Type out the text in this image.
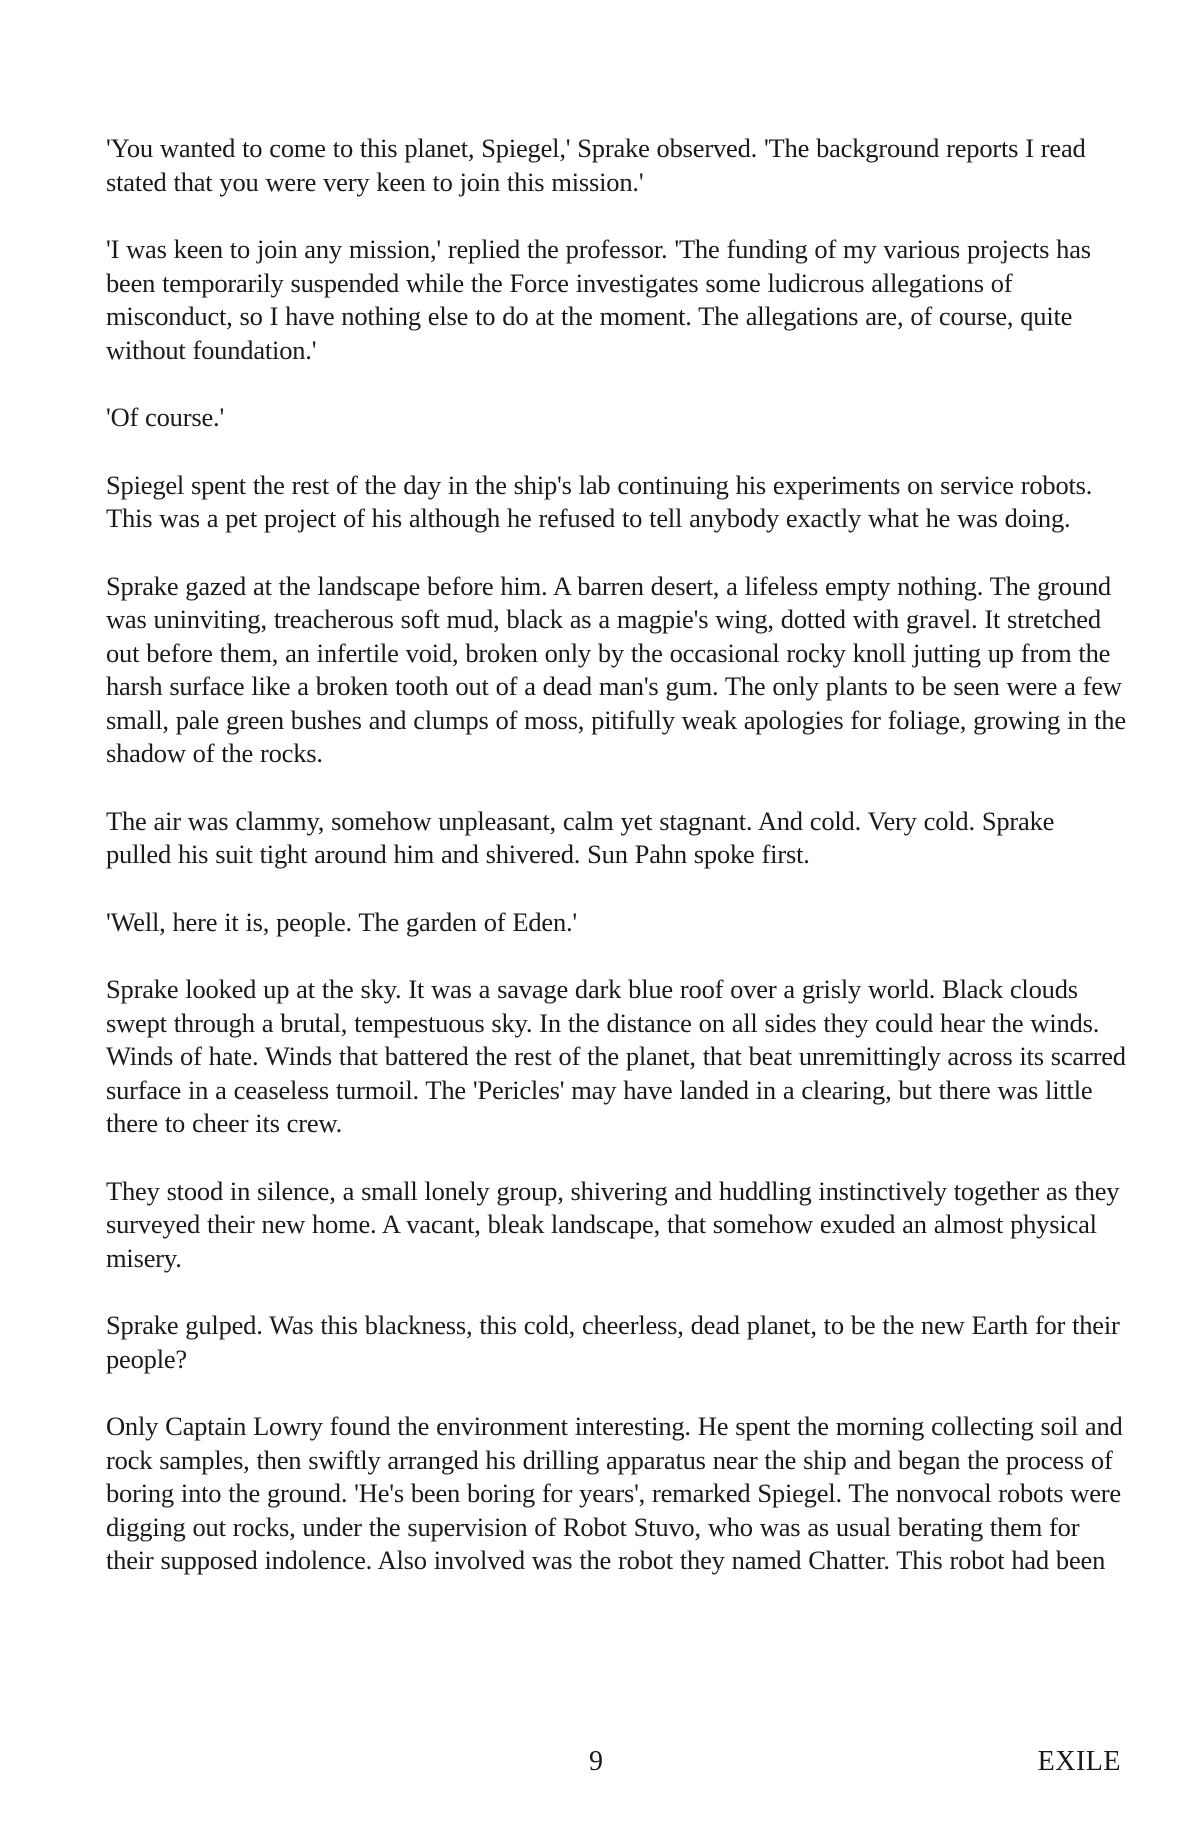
'You wanted to come to this planet, Spiegel,' Sprake observed. 'The background reports I read stated that you were very keen to join this mission.'

'I was keen to join any mission,' replied the professor. 'The funding of my various projects has been temporarily suspended while the Force investigates some ludicrous allegations of misconduct, so I have nothing else to do at the moment. The allegations are, of course, quite without foundation.'

'Of course.'

Spiegel spent the rest of the day in the ship's lab continuing his experiments on service robots. This was a pet project of his although he refused to tell anybody exactly what he was doing.

Sprake gazed at the landscape before him. A barren desert, a lifeless empty nothing. The ground was uninviting, treacherous soft mud, black as a magpie's wing, dotted with gravel. It stretched out before them, an infertile void, broken only by the occasional rocky knoll jutting up from the harsh surface like a broken tooth out of a dead man's gum. The only plants to be seen were a few small, pale green bushes and clumps of moss, pitifully weak apologies for foliage, growing in the shadow of the rocks.

The air was clammy, somehow unpleasant, calm yet stagnant. And cold. Very cold. Sprake pulled his suit tight around him and shivered. Sun Pahn spoke first.

'Well, here it is, people. The garden of Eden.'

Sprake looked up at the sky. It was a savage dark blue roof over a grisly world. Black clouds swept through a brutal, tempestuous sky. In the distance on all sides they could hear the winds. Winds of hate. Winds that battered the rest of the planet, that beat unremittingly across its scarred surface in a ceaseless turmoil. The 'Pericles' may have landed in a clearing, but there was little there to cheer its crew.

They stood in silence, a small lonely group, shivering and huddling instinctively together as they surveyed their new home. A vacant, bleak landscape, that somehow exuded an almost physical misery.

Sprake gulped. Was this blackness, this cold, cheerless, dead planet, to be the new Earth for their people?

Only Captain Lowry found the environment interesting. He spent the morning collecting soil and rock samples, then swiftly arranged his drilling apparatus near the ship and began the process of boring into the ground. 'He's been boring for years', remarked Spiegel. The nonvocal robots were digging out rocks, under the supervision of Robot Stuvo, who was as usual berating them for their supposed indolence. Also involved was the robot they named Chatter. This robot had been

9	EXILE
